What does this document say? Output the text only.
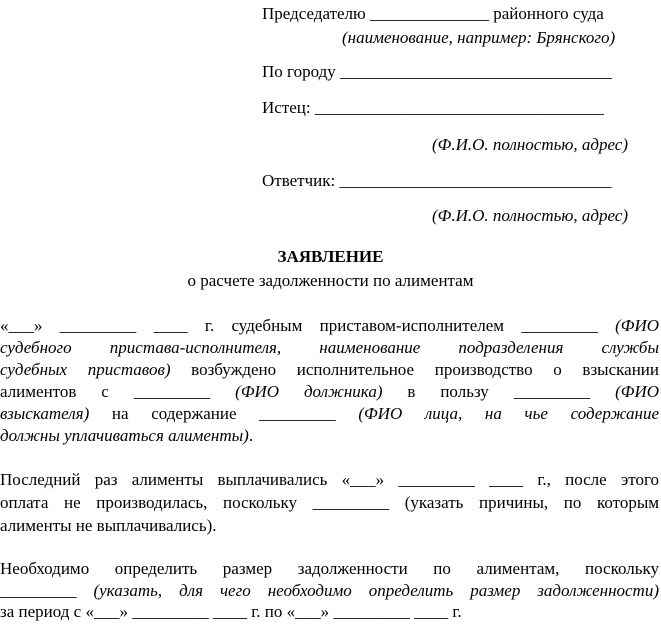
Председателю ______________ районного суда
(наименование, например: Брянского)
По городу ________________________________
Истец: __________________________________
(Ф.И.О. полностью, адрес)
Ответчик: ________________________________
(Ф.И.О. полностью, адрес)
ЗАЯВЛЕНИЕ
о расчете задолженности по алиментам
«___» _________ ____ г. судебным приставом-исполнителем _________ (ФИО
судебного пристава-исполнителя, наименование подразделения службы
судебных приставов) возбуждено исполнительное производство о взыскании
алиментов с _________ (ФИО должника) в пользу _________ (ФИО
взыскателя) на содержание _________ (ФИО лица, на чье содержание
должны уплачиваться алименты).
Последний раз алименты выплачивались «___» _________ ____ г., после этого
оплата не производилась, поскольку _________ (указать причины, по которым
алименты не выплачивались).
Необходимо определить размер задолженности по алиментам, поскольку
_________ (указать, для чего необходимо определить размер задолженности)
за период с «___» _________ ____ г. по «___» _________ ____ г.
